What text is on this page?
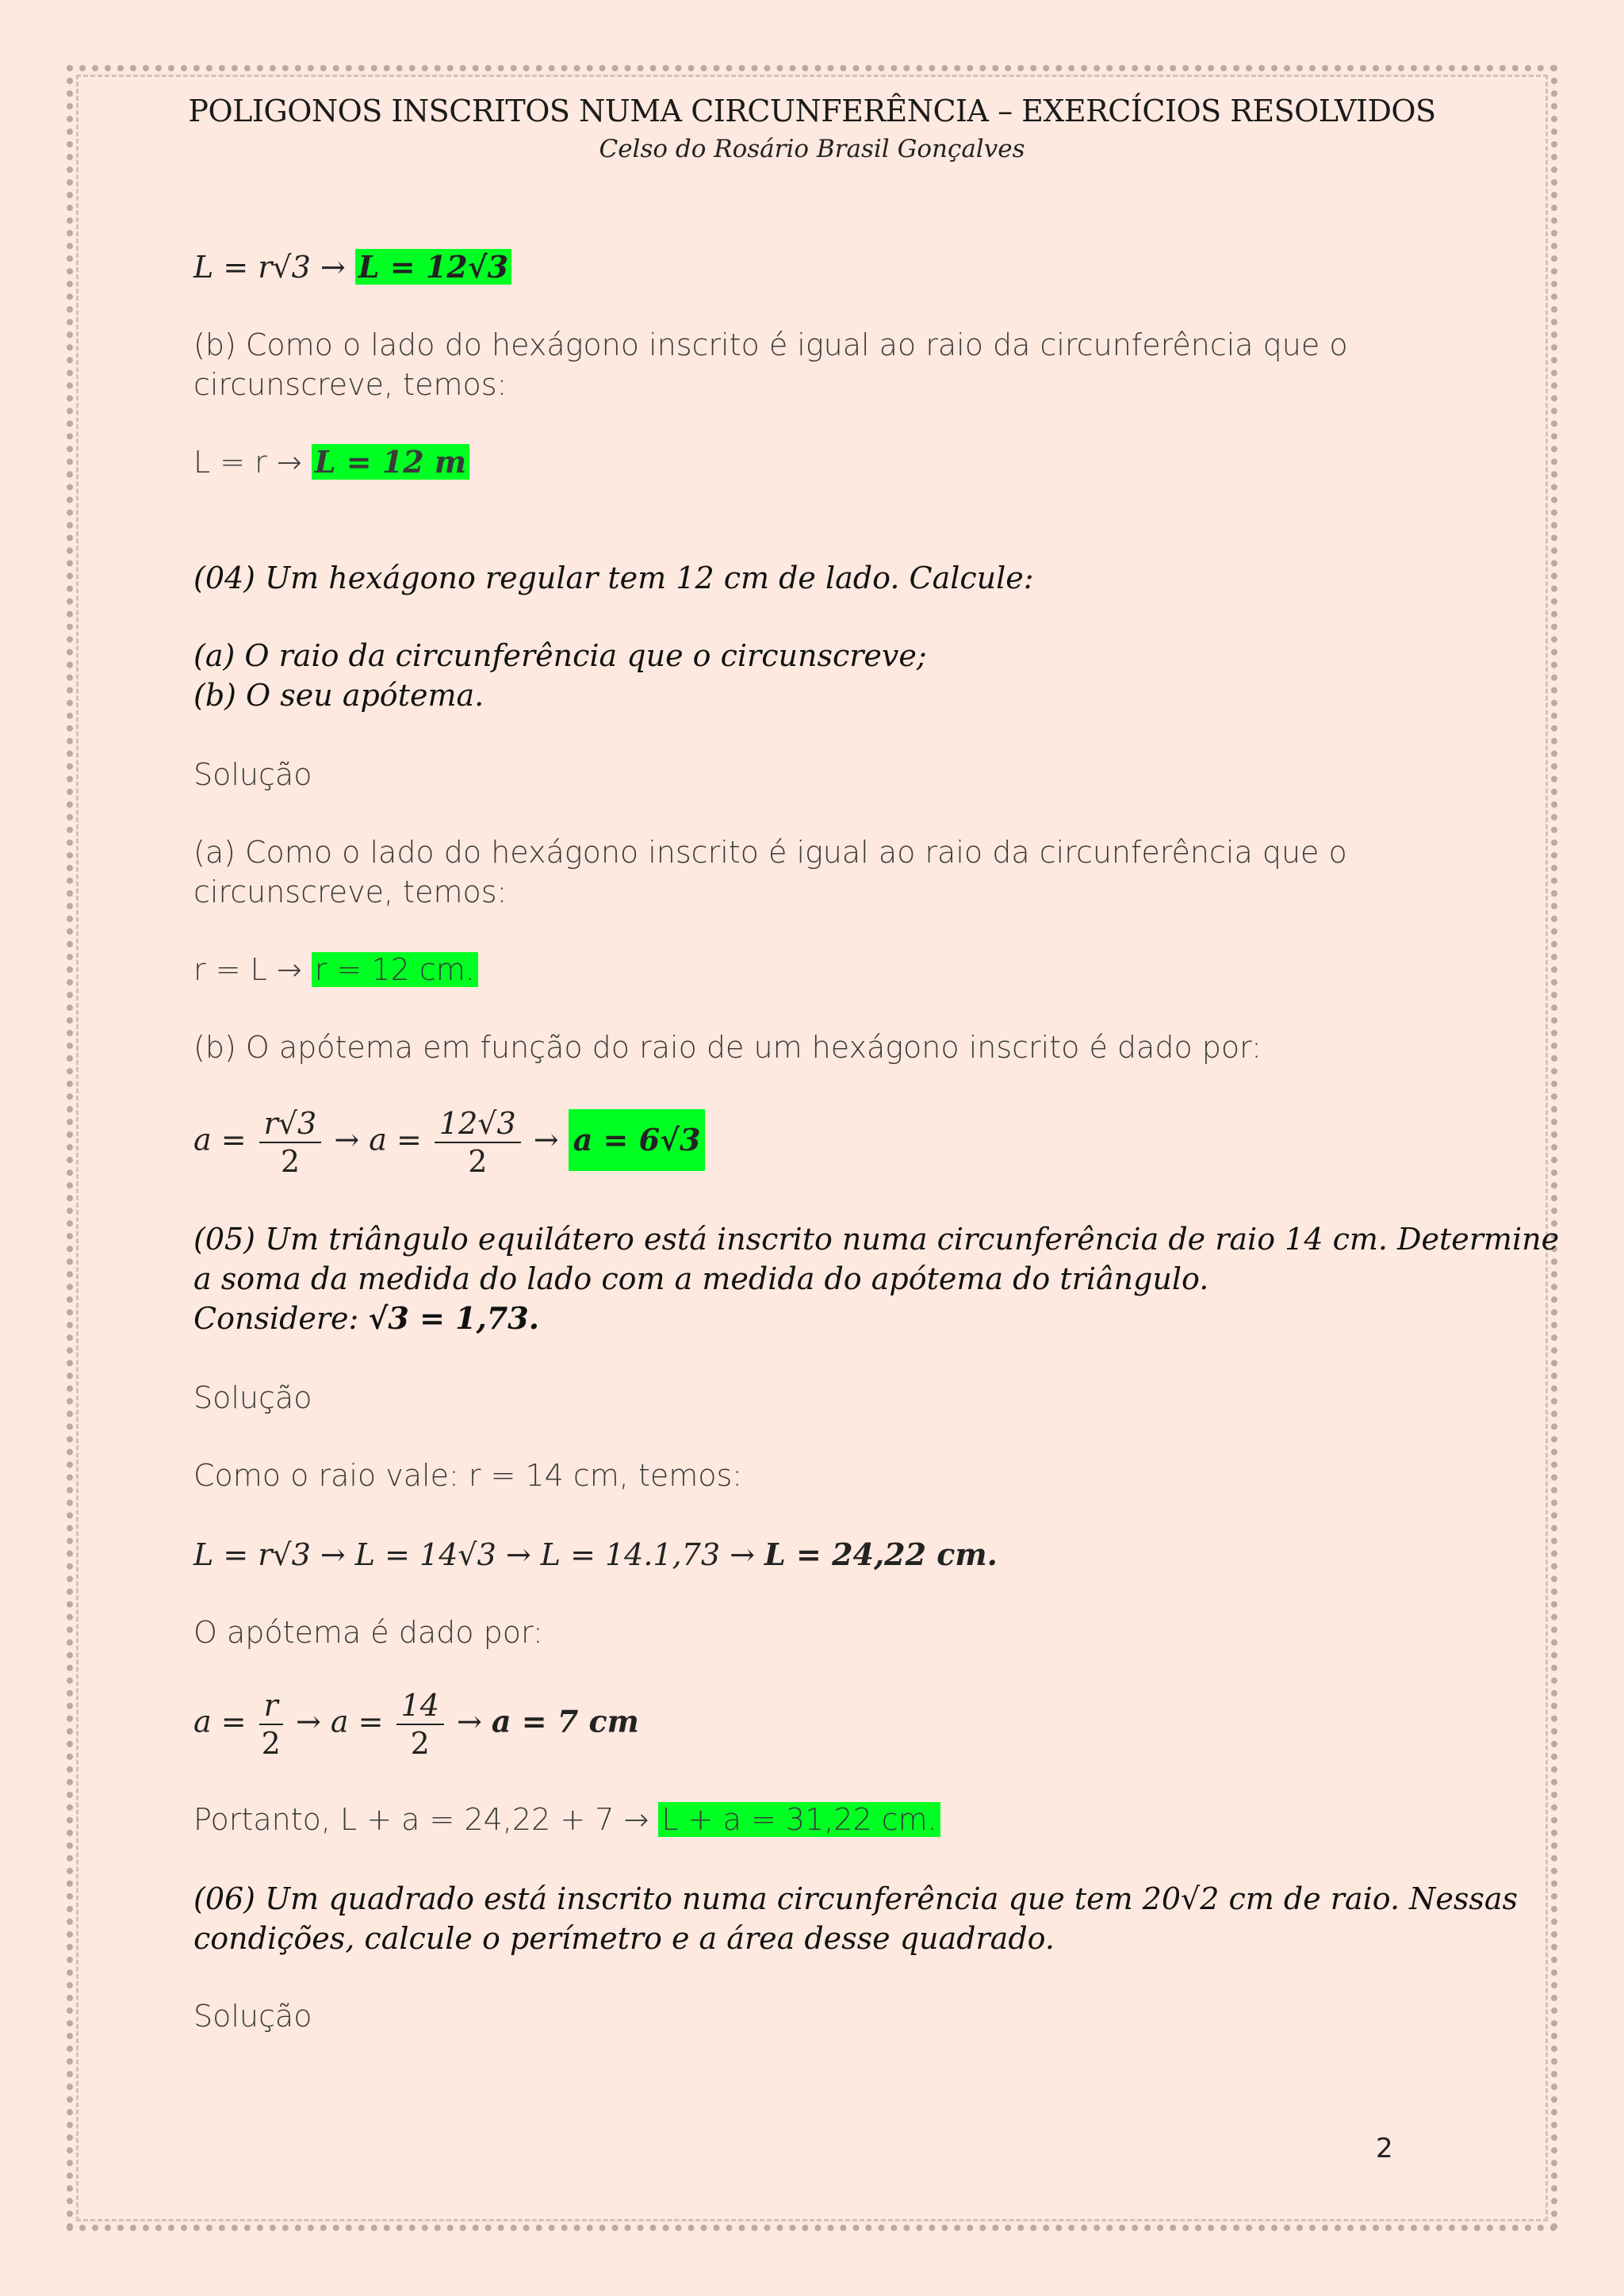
POLIGONOS INSCRITOS NUMA CIRCUNFERÊNCIA – EXERCÍCIOS RESOLVIDOS
Celso do Rosário Brasil Gonçalves
L = r√3 → L = 12√3
(b) Como o lado do hexágono inscrito é igual ao raio da circunferência que o
circunscreve, temos:
L = r → L = 12 m
(04) Um hexágono regular tem 12 cm de lado. Calcule:
(a) O raio da circunferência que o circunscreve;
(b) O seu apótema.
Solução
(a) Como o lado do hexágono inscrito é igual ao raio da circunferência que o
circunscreve, temos:
r = L → r = 12 cm.
(b) O apótema em função do raio de um hexágono inscrito é dado por:
$a = \frac{r√3}{2} \to a = \frac{12√3}{2} \to a = 6√3$
(05) Um triângulo equilátero está inscrito numa circunferência de raio 14 cm. Determine
a soma da medida do lado com a medida do apótema do triângulo.
Considere: √3 = 1,73.
Solução
Como o raio vale: r = 14 cm, temos:
L = r√3 → L = 14√3 → L = 14.1,73 → L = 24,22 cm.
O apótema é dado por:
$a = \frac{r}{2} \to a = \frac{14}{2} \to a = 7$ cm
Portanto, L + a = 24,22 + 7 → L + a = 31,22 cm.
(06) Um quadrado está inscrito numa circunferência que tem 20√2 cm de raio. Nessas
condições, calcule o perímetro e a área desse quadrado.
Solução
2
